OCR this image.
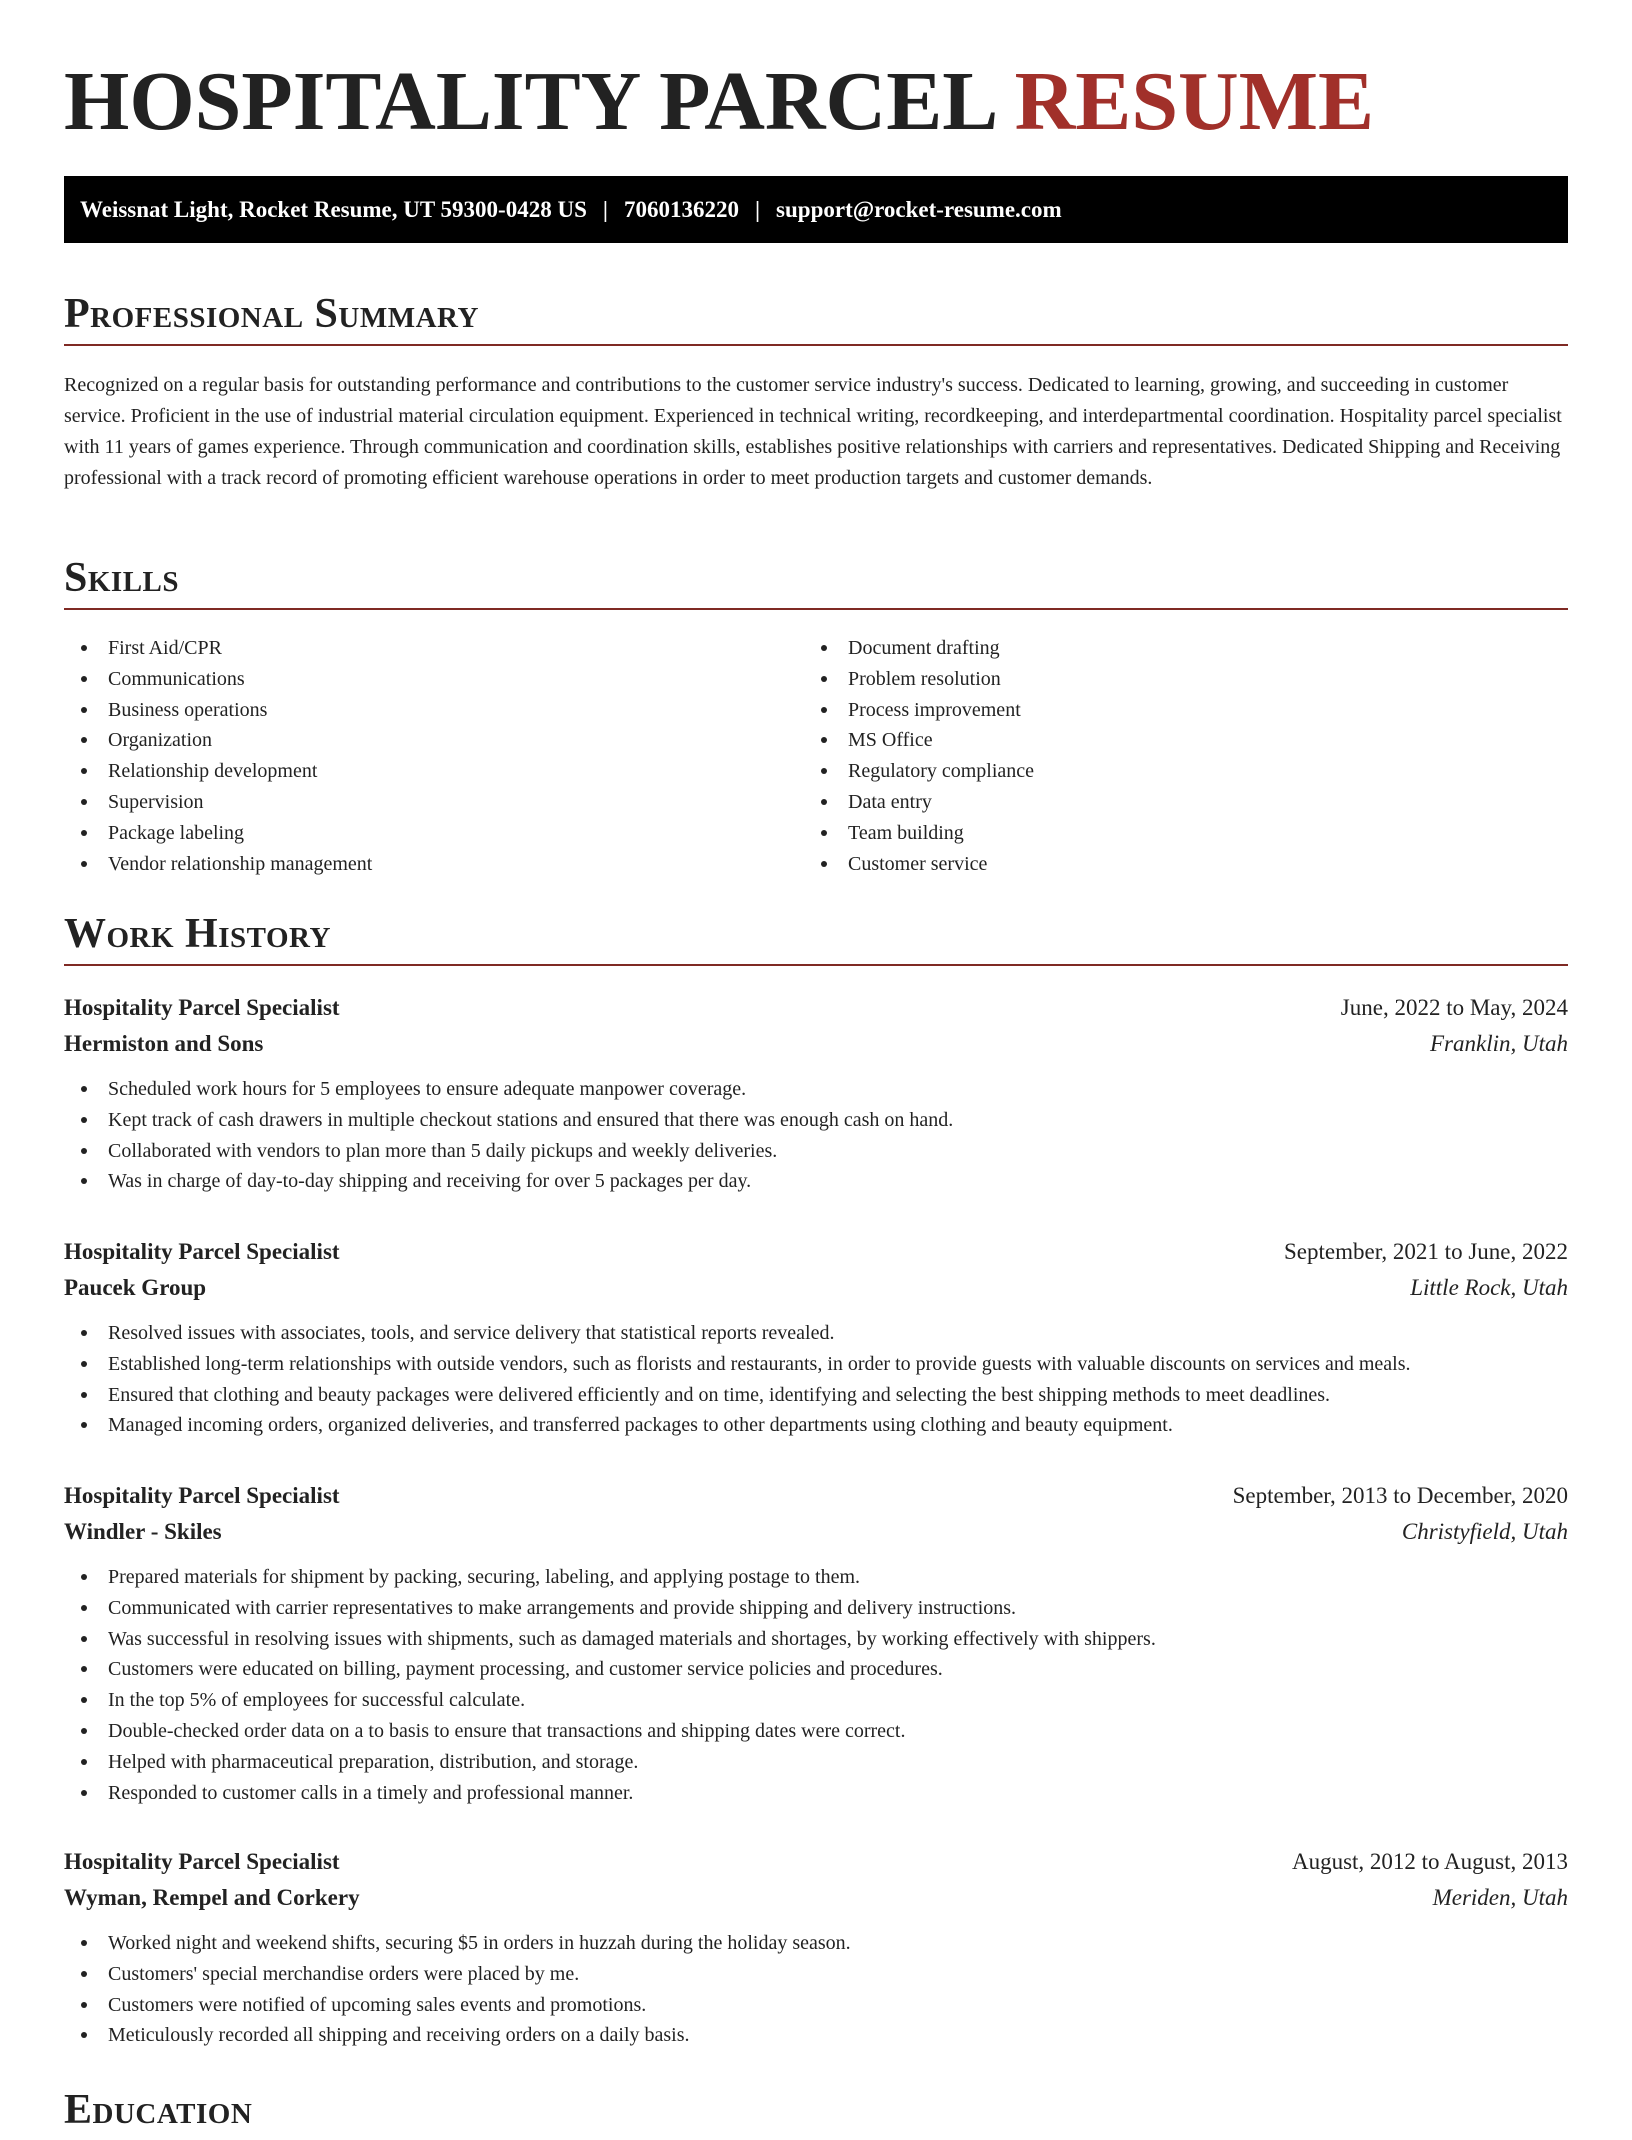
HOSPITALITY PARCEL RESUME
Weissnat Light, Rocket Resume, UT 59300-0428 US | 7060136220 | support@rocket-resume.com
Professional Summary

Recognized on a regular basis for outstanding performance and contributions to the customer service industry's success. Dedicated to learning, growing, and succeeding in customer service. Proficient in the use of industrial material circulation equipment. Experienced in technical writing, recordkeeping, and interdepartmental coordination. Hospitality parcel specialist with 11 years of games experience. Through communication and coordination skills, establishes positive relationships with carriers and representatives. Dedicated Shipping and Receiving professional with a track record of promoting efficient warehouse operations in order to meet production targets and customer demands.

Skills
First Aid/CPR
Communications
Business operations
Organization
Relationship development
Supervision
Package labeling
Vendor relationship management
Document drafting
Problem resolution
Process improvement
MS Office
Regulatory compliance
Data entry
Team building
Customer service
Work History
Hospitality Parcel Specialist	June, 2022 to May, 2024
Hermiston and Sons	Franklin, Utah
Scheduled work hours for 5 employees to ensure adequate manpower coverage.
Kept track of cash drawers in multiple checkout stations and ensured that there was enough cash on hand.
Collaborated with vendors to plan more than 5 daily pickups and weekly deliveries.
Was in charge of day-to-day shipping and receiving for over 5 packages per day.
Hospitality Parcel Specialist	September, 2021 to June, 2022
Paucek Group	Little Rock, Utah
Resolved issues with associates, tools, and service delivery that statistical reports revealed.
Established long-term relationships with outside vendors, such as florists and restaurants, in order to provide guests with valuable discounts on services and meals.
Ensured that clothing and beauty packages were delivered efficiently and on time, identifying and selecting the best shipping methods to meet deadlines.
Managed incoming orders, organized deliveries, and transferred packages to other departments using clothing and beauty equipment.
Hospitality Parcel Specialist	September, 2013 to December, 2020
Windler - Skiles	Christyfield, Utah
Prepared materials for shipment by packing, securing, labeling, and applying postage to them.
Communicated with carrier representatives to make arrangements and provide shipping and delivery instructions.
Was successful in resolving issues with shipments, such as damaged materials and shortages, by working effectively with shippers.
Customers were educated on billing, payment processing, and customer service policies and procedures.
In the top 5% of employees for successful calculate.
Double-checked order data on a to basis to ensure that transactions and shipping dates were correct.
Helped with pharmaceutical preparation, distribution, and storage.
Responded to customer calls in a timely and professional manner.
Hospitality Parcel Specialist	August, 2012 to August, 2013
Wyman, Rempel and Corkery	Meriden, Utah
Worked night and weekend shifts, securing $5 in orders in huzzah during the holiday season.
Customers' special merchandise orders were placed by me.
Customers were notified of upcoming sales events and promotions.
Meticulously recorded all shipping and receiving orders on a daily basis.
Education
